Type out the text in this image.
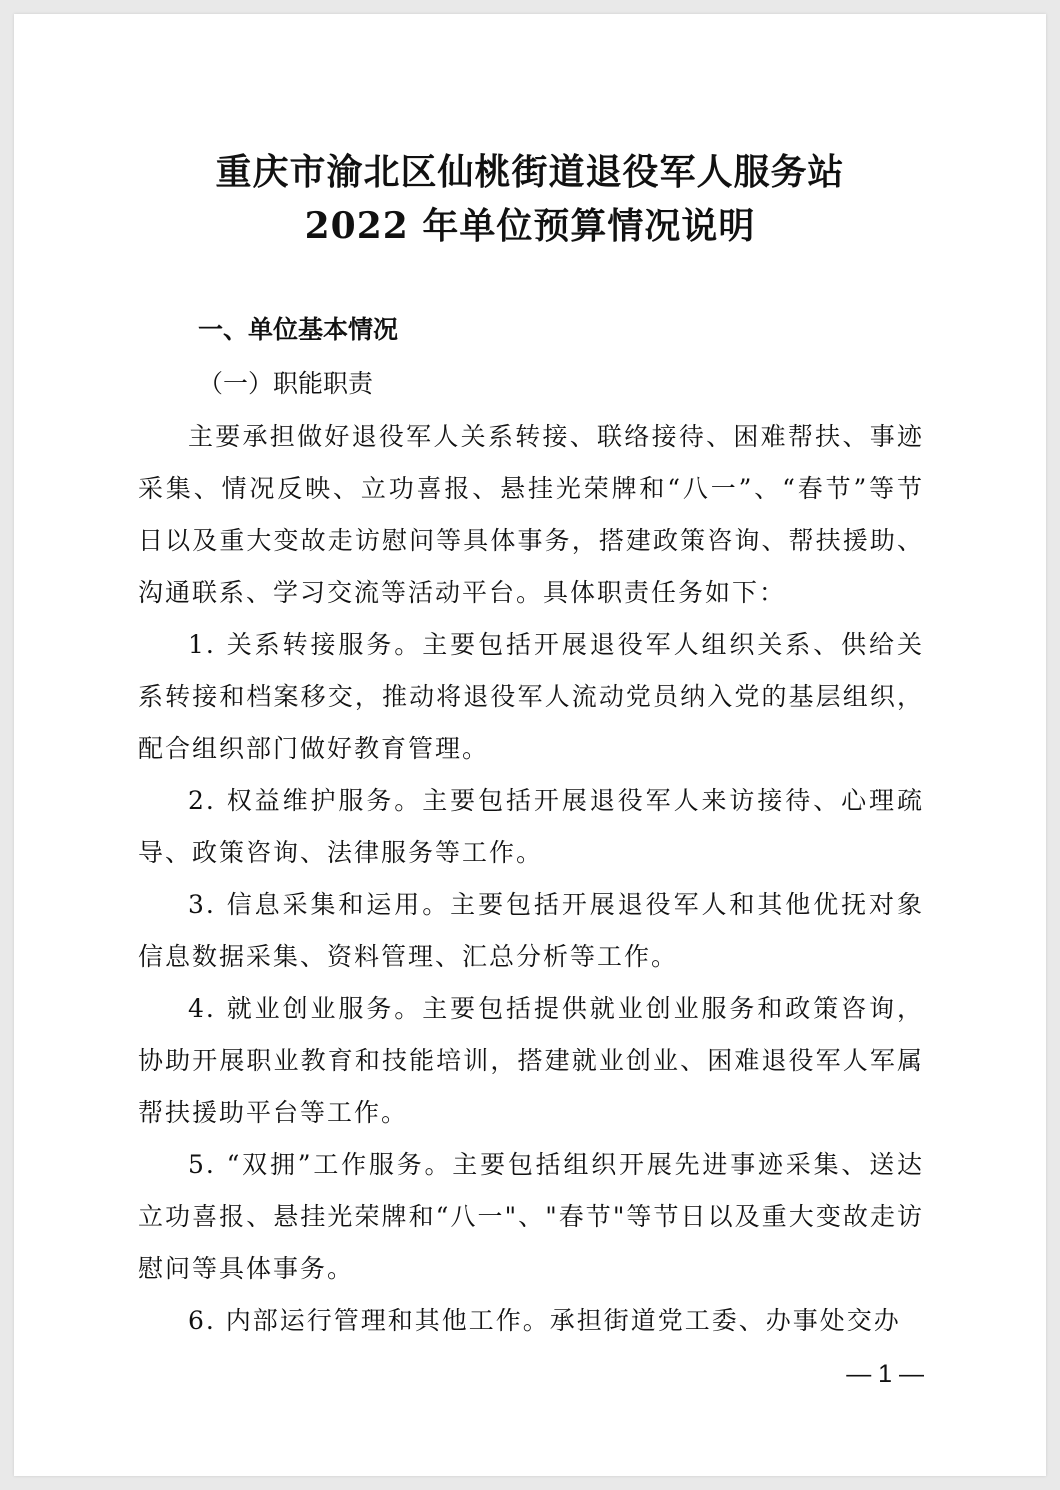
重庆市渝北区仙桃街道退役军人服务站
2022 年单位预算情况说明
一、单位基本情况
（一）职能职责

主要承担做好退役军人关系转接、联络接待、困难帮扶、事迹采集、情况反映、立功喜报、悬挂光荣牌和“八一”、“春节”等节日以及重大变故走访慰问等具体事务，搭建政策咨询、帮扶援助、沟通联系、学习交流等活动平台。具体职责任务如下：

1. 关系转接服务。主要包括开展退役军人组织关系、供给关系转接和档案移交，推动将退役军人流动党员纳入党的基层组织，配合组织部门做好教育管理。

2. 权益维护服务。主要包括开展退役军人来访接待、心理疏导、政策咨询、法律服务等工作。

3. 信息采集和运用。主要包括开展退役军人和其他优抚对象信息数据采集、资料管理、汇总分析等工作。

4. 就业创业服务。主要包括提供就业创业服务和政策咨询，协助开展职业教育和技能培训，搭建就业创业、困难退役军人军属帮扶援助平台等工作。

5. “双拥”工作服务。主要包括组织开展先进事迹采集、送达立功喜报、悬挂光荣牌和“八一"、"春节"等节日以及重大变故走访慰问等具体事务。

6. 内部运行管理和其他工作。承担街道党工委、办事处交办

— 1 —
